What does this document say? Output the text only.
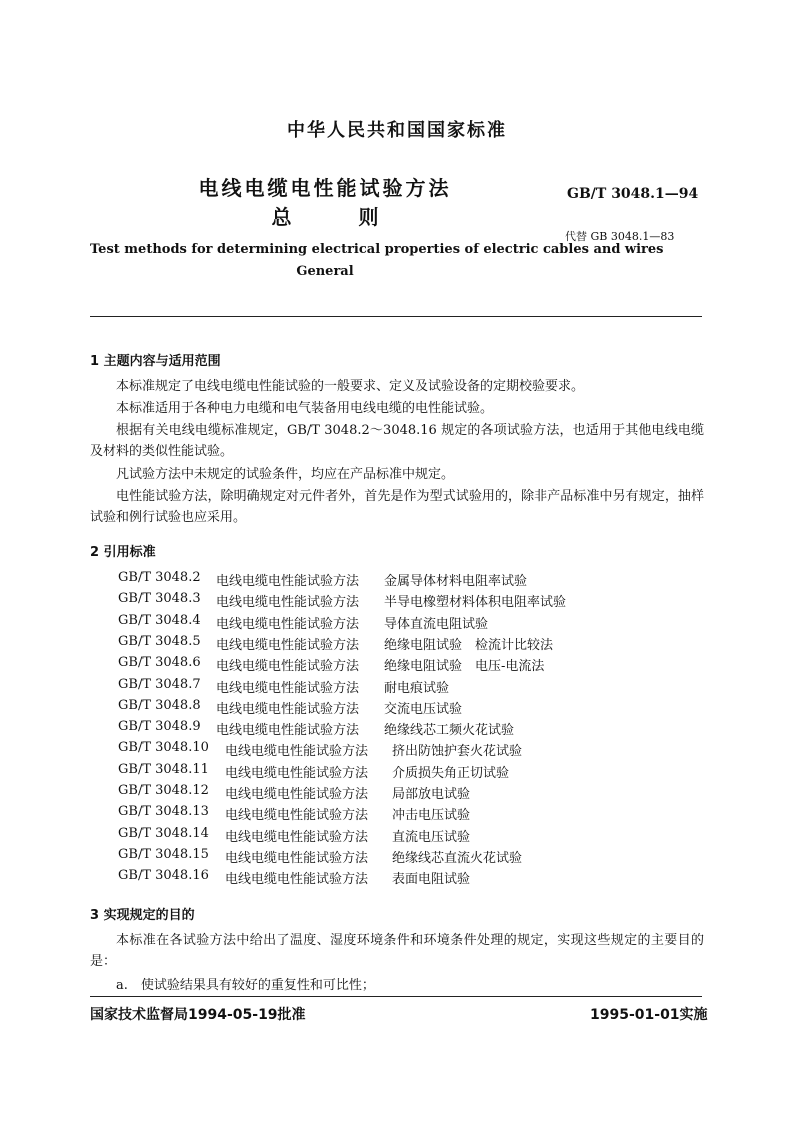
中华人民共和国国家标准
电线电缆电性能试验方法
总 则
GB/T 3048.1—94
代替 GB 3048.1—83
Test methods for determining electrical properties of electric cables and wires
General
1 主题内容与适用范围
本标准规定了电线电缆电性能试验的一般要求、定义及试验设备的定期校验要求。
本标准适用于各种电力电缆和电气装备用电线电缆的电性能试验。
根据有关电线电缆标准规定，GB/T 3048.2～3048.16 规定的各项试验方法，也适用于其他电线电缆及材料的类似性能试验。
凡试验方法中未规定的试验条件，均应在产品标准中规定。
电性能试验方法，除明确规定对元件者外，首先是作为型式试验用的，除非产品标准中另有规定，抽样试验和例行试验也应采用。
2 引用标准
GB/T 3048.2 电线电缆电性能试验方法 金属导体材料电阻率试验
GB/T 3048.3 电线电缆电性能试验方法 半导电橡塑材料体积电阻率试验
GB/T 3048.4 电线电缆电性能试验方法 导体直流电阻试验
GB/T 3048.5 电线电缆电性能试验方法 绝缘电阻试验　检流计比较法
GB/T 3048.6 电线电缆电性能试验方法 绝缘电阻试验　电压-电流法
GB/T 3048.7 电线电缆电性能试验方法 耐电痕试验
GB/T 3048.8 电线电缆电性能试验方法 交流电压试验
GB/T 3048.9 电线电缆电性能试验方法 绝缘线芯工频火花试验
GB/T 3048.10 电线电缆电性能试验方法 挤出防蚀护套火花试验
GB/T 3048.11 电线电缆电性能试验方法 介质损失角正切试验
GB/T 3048.12 电线电缆电性能试验方法 局部放电试验
GB/T 3048.13 电线电缆电性能试验方法 冲击电压试验
GB/T 3048.14 电线电缆电性能试验方法 直流电压试验
GB/T 3048.15 电线电缆电性能试验方法 绝缘线芯直流火花试验
GB/T 3048.16 电线电缆电性能试验方法 表面电阻试验
3 实现规定的目的
本标准在各试验方法中给出了温度、湿度环境条件和环境条件处理的规定，实现这些规定的主要目的是：
a.　使试验结果具有较好的重复性和可比性；
国家技术监督局1994-05-19批准	1995-01-01实施
